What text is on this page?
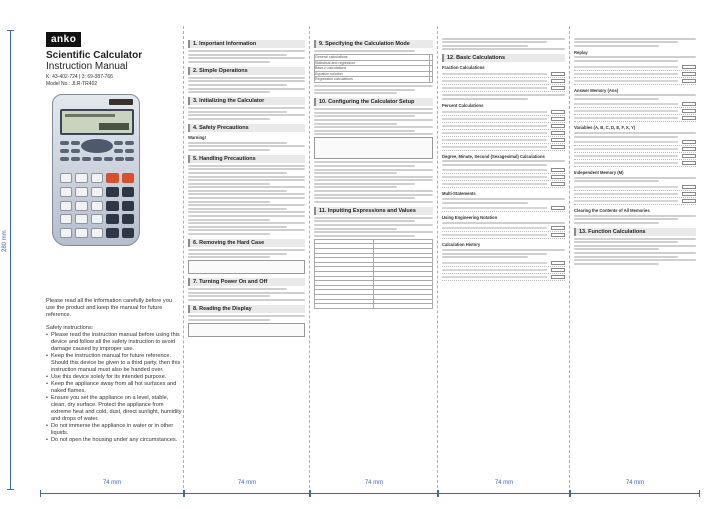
anko
Scientific Calculator
Instruction Manual
K: 43-402-724 | 3; 69-387-766
Model No.: JLR-TR402

Please read all the information carefully before you use the product and keep the manual for future reference.

Safety instructions:
• Please read the instruction manual before using this device and follow all the safety instruction to avoid damage caused by improper use.
• Keep the instruction manual for future reference. Should this device be given to a third party, then this instruction manual must also be handed over.
• Use this device solely for its intended purpose.
• Keep the appliance away from all hot surfaces and naked flames.
• Ensure you set the appliance on a level, stable, clean, dry surface. Protect the appliance from extreme heat and cold, dust, direct sunlight, humidity and drops of water.
• Do not immerse the appliance in water or in other liquids.
• Do not open the housing under any circumstances.
1. Important Information
2. Simple Operations
3. Initializing the Calculator
4. Safety Precautions
Warning!
5. Handling Precautions
6. Removing the Hard Case
7. Turning Power On and Off
8. Reading the Display
9. Specifying the Calculation Mode
General calculations	
Statistical and regression	
Base-n calculations	
Equation solution	
Regression calculations	
10. Configuring the Calculator Setup
11. Inputting Expressions and Values

12. Basic Calculations
Fraction Calculations
Percent Calculations
Degree, Minute, Second (Sexagesimal) Calculations
Multi-Statements
Using Engineering Notation
Calculation History
Replay
Answer Memory (Ans)
Variables (A, B, C, D, E, F, X, Y)
Independent Memory (M)
Clearing the Contents of All Memories
13. Function Calculations
280 mm
74 mm	74 mm	74 mm	74 mm	74 mm
